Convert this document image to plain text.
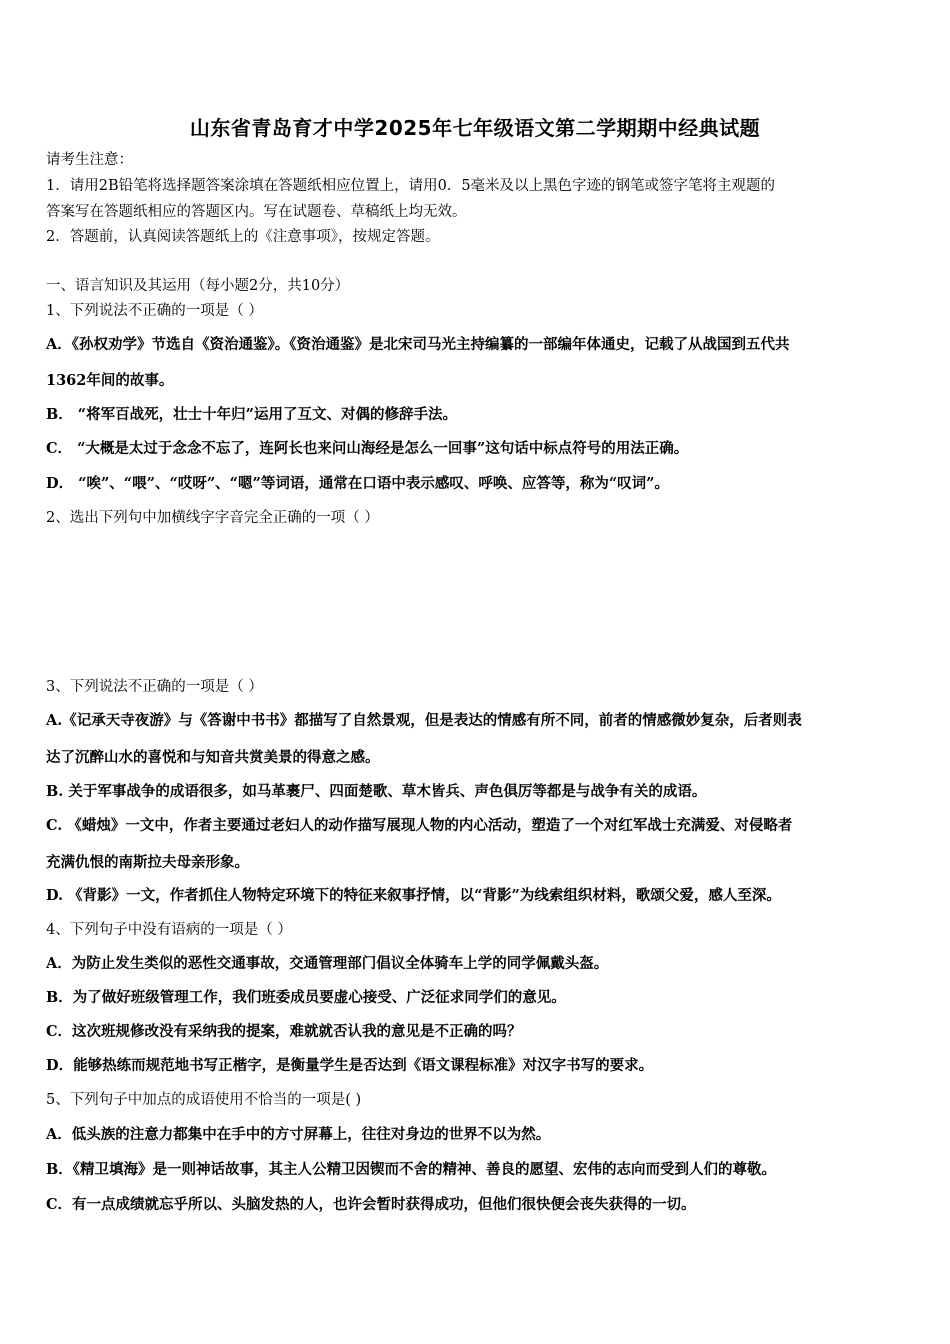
山东省青岛育才中学2025年七年级语文第二学期期中经典试题
请考生注意：
1．请用2B铅笔将选择题答案涂填在答题纸相应位置上，请用0．5毫米及以上黑色字迹的钢笔或签字笔将主观题的
答案写在答题纸相应的答题区内。写在试题卷、草稿纸上均无效。
2．答题前，认真阅读答题纸上的《注意事项》，按规定答题。
一、语言知识及其运用（每小题2分，共10分）
1、下列说法不正确的一项是（ ）
A．《孙权劝学》节选自《资治通鉴》。《资治通鉴》是北宋司马光主持编纂的一部编年体通史，记载了从战国到五代共
1362年间的故事。
B． “将军百战死，壮士十年归”运用了互文、对偶的修辞手法。
C． “大概是太过于念念不忘了，连阿长也来问山海经是怎么一回事”这句话中标点符号的用法正确。
D． “唉”、“喂”、“哎呀”、“嗯”等词语，通常在口语中表示感叹、呼唤、应答等，称为“叹词”。
2、选出下列句中加横线字字音完全正确的一项（ ）
3、下列说法不正确的一项是（ ）
A.《记承天寺夜游》与《答谢中书书》都描写了自然景观，但是表达的情感有所不同，前者的情感微妙复杂，后者则表
达了沉醉山水的喜悦和与知音共赏美景的得意之感。
B. 关于军事战争的成语很多，如马革裹尸、四面楚歌、草木皆兵、声色俱厉等都是与战争有关的成语。
C. 《蜡烛》一文中，作者主要通过老妇人的动作描写展现人物的内心活动，塑造了一个对红军战士充满爱、对侵略者
充满仇恨的南斯拉夫母亲形象。
D. 《背影》一文，作者抓住人物特定环境下的特征来叙事抒情，以“背影”为线索组织材料，歌颂父爱，感人至深。
4、下列句子中没有语病的一项是（ ）
A．为防止发生类似的恶性交通事故，交通管理部门倡议全体骑车上学的同学佩戴头盔。
B．为了做好班级管理工作，我们班委成员要虚心接受、广泛征求同学们的意见。
C．这次班规修改没有采纳我的提案，难就就否认我的意见是不正确的吗？
D．能够热练而规范地书写正楷字，是衡量学生是否达到《语文课程标准》对汉字书写的要求。
5、下列句子中加点的成语使用不恰当的一项是( )
A．低头族的注意力都集中在手中的方寸屏幕上，往往对身边的世界不以为然。
B．《精卫填海》是一则神话故事，其主人公精卫因锲而不舍的精神、善良的愿望、宏伟的志向而受到人们的尊敬。
C．有一点成绩就忘乎所以、头脑发热的人，也许会暂时获得成功，但他们很快便会丧失获得的一切。
